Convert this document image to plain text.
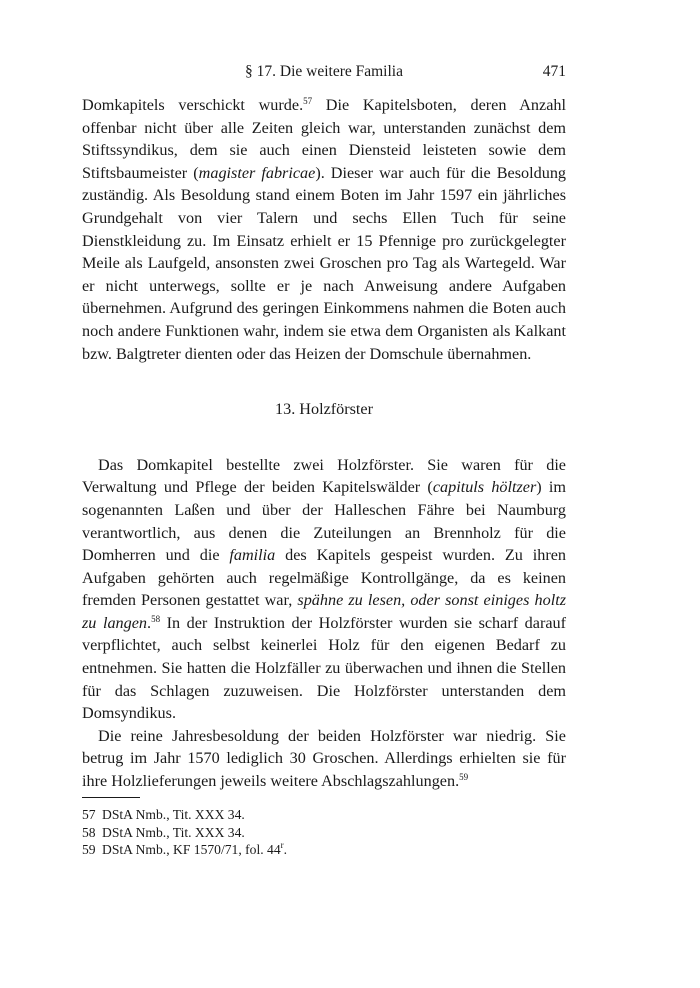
§ 17. Die weitere Familia	471

Domkapitels verschickt wurde.$^{57}$ Die Kapitelsboten, deren Anzahl offenbar nicht über alle Zeiten gleich war, unterstanden zunächst dem Stiftssyndikus, dem sie auch einen Diensteid leisteten sowie dem Stiftsbaumeister (magister fabricae). Dieser war auch für die Besoldung zuständig. Als Besoldung stand einem Boten im Jahr 1597 ein jährliches Grundgehalt von vier Talern und sechs Ellen Tuch für seine Dienstkleidung zu. Im Einsatz erhielt er 15 Pfennige pro zurückgelegter Meile als Laufgeld, ansonsten zwei Groschen pro Tag als Wartegeld. War er nicht unterwegs, sollte er je nach Anweisung andere Aufgaben übernehmen. Aufgrund des geringen Einkommens nahmen die Boten auch noch andere Funktionen wahr, indem sie etwa dem Organisten als Kalkant bzw. Balgtreter dienten oder das Heizen der Domschule übernahmen.

13. Holzförster

Das Domkapitel bestellte zwei Holzförster. Sie waren für die Verwaltung und Pflege der beiden Kapitelswälder (capituls höltzer) im sogenannten Laßen und über der Halleschen Fähre bei Naumburg verantwortlich, aus denen die Zuteilungen an Brennholz für die Domherren und die familia des Kapitels gespeist wurden. Zu ihren Aufgaben gehörten auch regelmäßige Kontrollgänge, da es keinen fremden Personen gestattet war, spähne zu lesen, oder sonst einiges holtz zu langen.$^{58}$ In der Instruktion der Holzförster wurden sie scharf darauf verpflichtet, auch selbst keinerlei Holz für den eigenen Bedarf zu entnehmen. Sie hatten die Holzfäller zu überwachen und ihnen die Stellen für das Schlagen zuzuweisen. Die Holzförster unterstanden dem Domsyndikus.

Die reine Jahresbesoldung der beiden Holzförster war niedrig. Sie betrug im Jahr 1570 lediglich 30 Groschen. Allerdings erhielten sie für ihre Holzlieferungen jeweils weitere Abschlagszahlungen.$^{59}$

57 DStA Nmb., Tit. XXX 34.
58 DStA Nmb., Tit. XXX 34.
59 DStA Nmb., KF 1570/71, fol. 44$^r$.
